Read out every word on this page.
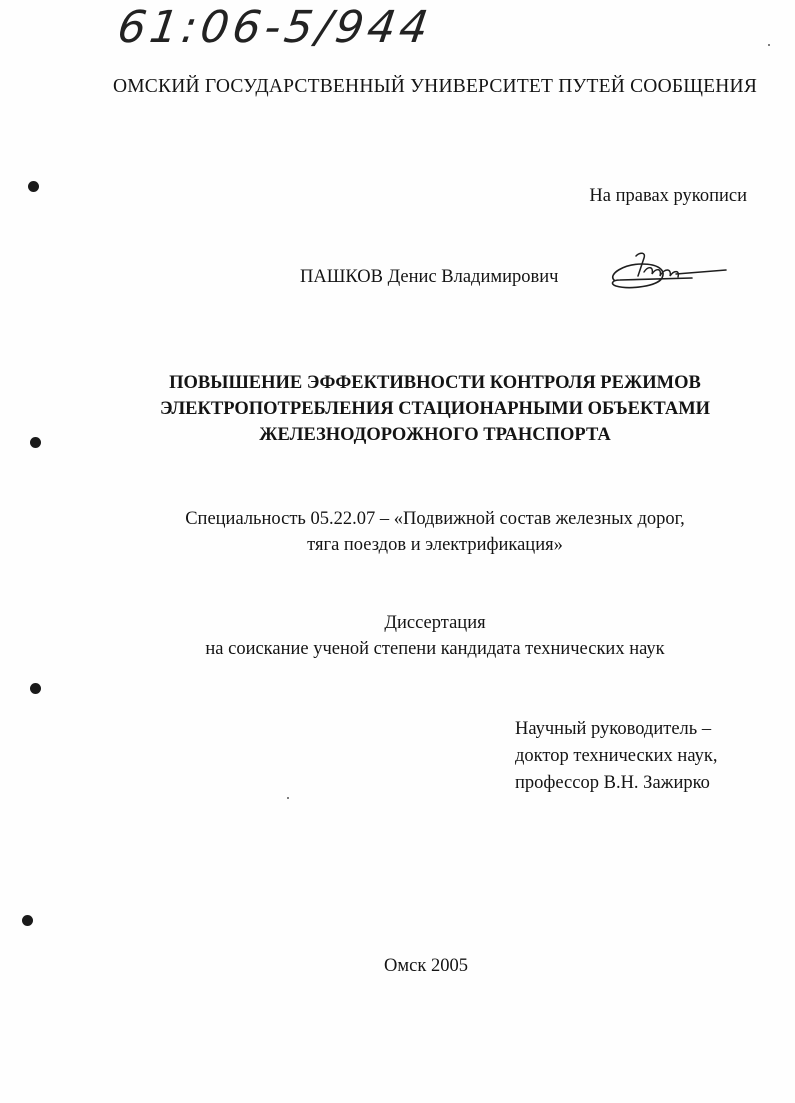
61:06-5/944
ОМСКИЙ ГОСУДАРСТВЕННЫЙ УНИВЕРСИТЕТ ПУТЕЙ СООБЩЕНИЯ
На правах рукописи
ПАШКОВ Денис Владимирович
ПОВЫШЕНИЕ ЭФФЕКТИВНОСТИ КОНТРОЛЯ РЕЖИМОВ
ЭЛЕКТРОПОТРЕБЛЕНИЯ СТАЦИОНАРНЫМИ ОБЪЕКТАМИ
ЖЕЛЕЗНОДОРОЖНОГО ТРАНСПОРТА
Специальность 05.22.07 – «Подвижной состав железных дорог,
тяга поездов и электрификация»
Диссертация
на соискание ученой степени кандидата технических наук
Научный руководитель –
доктор технических наук,
профессор В.Н. Зажирко
Омск 2005
